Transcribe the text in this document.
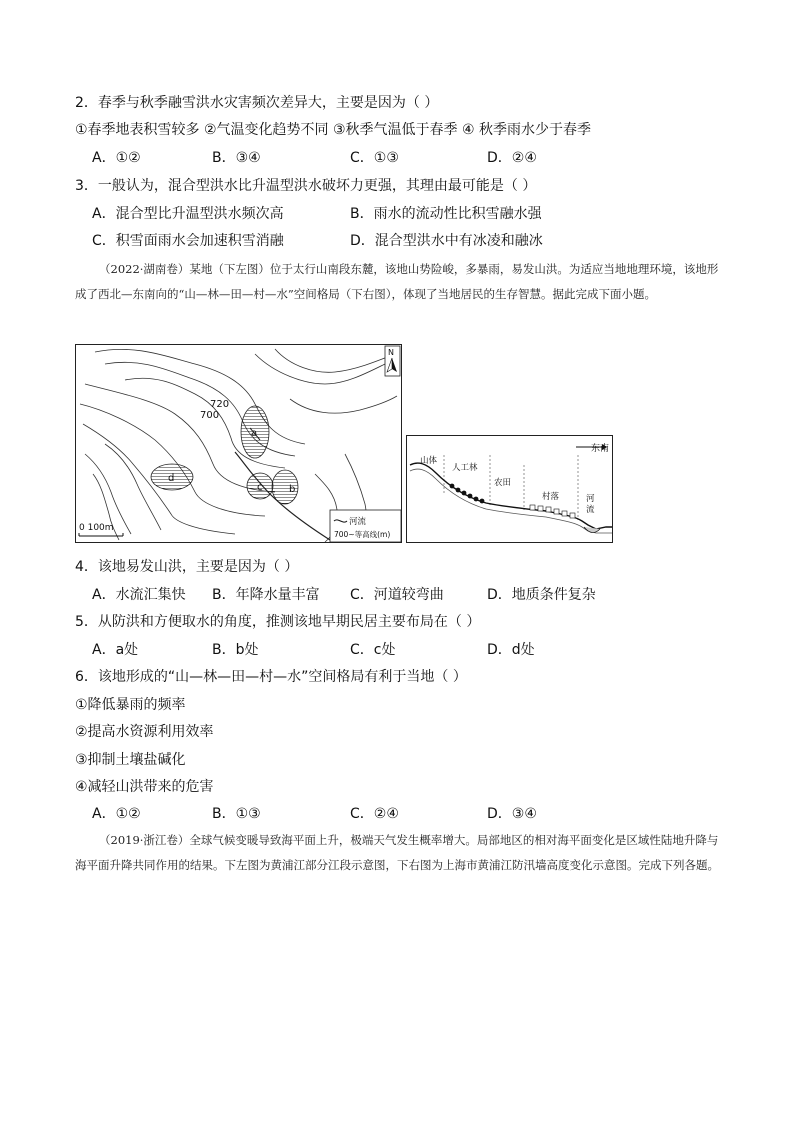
2．春季与秋季融雪洪水灾害频次差异大，主要是因为（ ）
①春季地表积雪较多 ②气温变化趋势不同 ③秋季气温低于春季 ④ 秋季雨水少于春季
A．①②	B．③④	C．①③	D．②④
3．一般认为，混合型洪水比升温型洪水破坏力更强，其理由最可能是（ ）
A．混合型比升温型洪水频次高	B．雨水的流动性比积雪融水强
C．积雪面雨水会加速积雪消融	D．混合型洪水中有冰凌和融冰
（2022·湖南卷）某地（下左图）位于太行山南段东麓，该地山势险峻，多暴雨，易发山洪。为适应当地地理环境，该地形成了西北—东南向的“山—林—田—村—水”空间格局（下右图），体现了当地居民的生存智慧。据此完成下面小题。
720
700
a
b
c
d
N
0 100m
河流
700~等高线(m)
东南
山体
人工林
农田
村落	河流
4．该地易发山洪，主要是因为（ ）
A．水流汇集快 B．年降水量丰富 C．河道较弯曲	D．地质条件复杂
5．从防洪和方便取水的角度，推测该地早期民居主要布局在（ ）
A．a处	B．b处	C．c处	D．d处
6．该地形成的“山—林—田—村—水”空间格局有利于当地（ ）
①降低暴雨的频率
②提高水资源利用效率
③抑制土壤盐碱化
④减轻山洪带来的危害
A．①②	B．①③	C．②④	D．③④
（2019·浙江卷）全球气候变暖导致海平面上升，极端天气发生概率增大。局部地区的相对海平面变化是区域性陆地升降与海平面升降共同作用的结果。下左图为黄浦江部分江段示意图，下右图为上海市黄浦江防汛墙高度变化示意图。完成下列各题。
